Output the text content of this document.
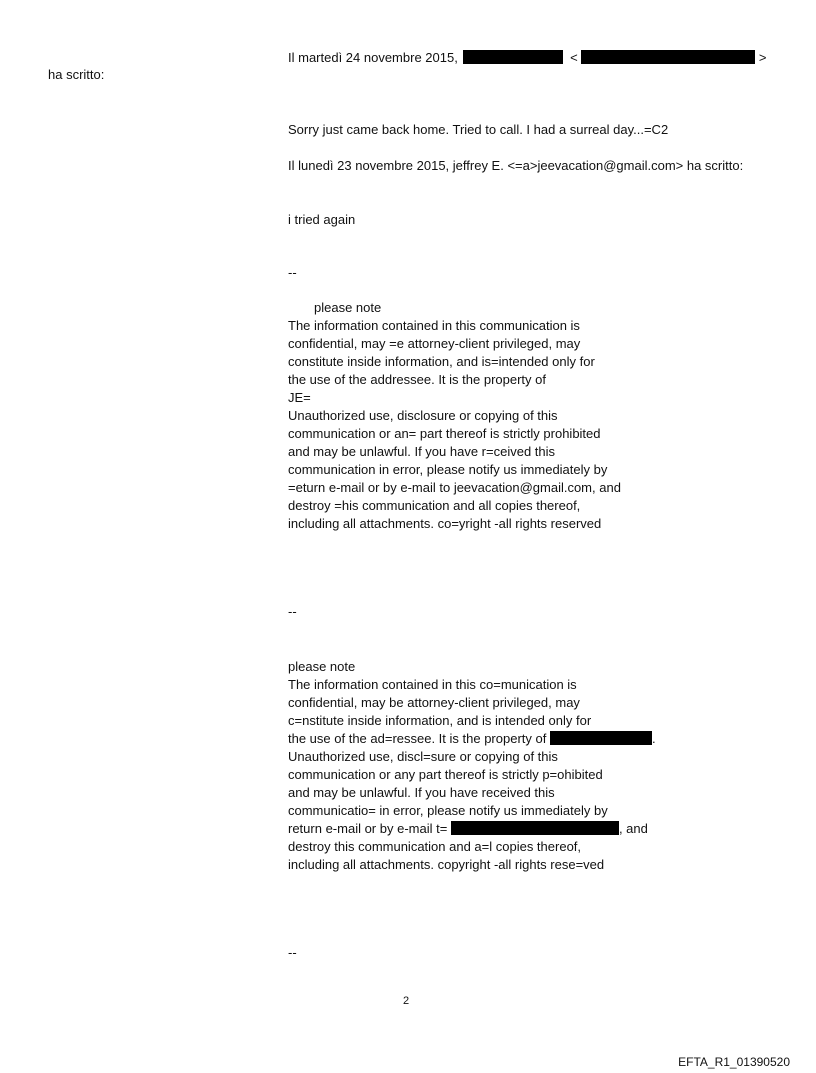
Il martedì 24 novembre 2015,	<	>
ha scritto:
Sorry just came back home. Tried to call. I had a surreal day...=C2
Il lunedì 23 novembre 2015, jeffrey E. <=a>jeevacation@gmail.com> ha scritto:
i tried again
--
please note
The information contained in this communication is
confidential, may =e attorney-client privileged, may
constitute inside information, and is=intended only for
the use of the addressee. It is the property of
JE=
Unauthorized use, disclosure or copying of this
communication or an= part thereof is strictly prohibited
and may be unlawful. If you have r=ceived this
communication in error, please notify us immediately by
=eturn e-mail or by e-mail to jeevacation@gmail.com, and
destroy =his communication and all copies thereof,
including all attachments. co=yright -all rights reserved
--
please note
The information contained in this co=munication is
confidential, may be attorney-client privileged, may
c=nstitute inside information, and is intended only for
the use of the ad=ressee. It is the property of	.
Unauthorized use, discl=sure or copying of this
communication or any part thereof is strictly p=ohibited
and may be unlawful. If you have received this
communicatio= in error, please notify us immediately by
return e-mail or by e-mail t=	, and
destroy this communication and a=l copies thereof,
including all attachments. copyright -all rights rese=ved
--
2
EFTA_R1_01390520
